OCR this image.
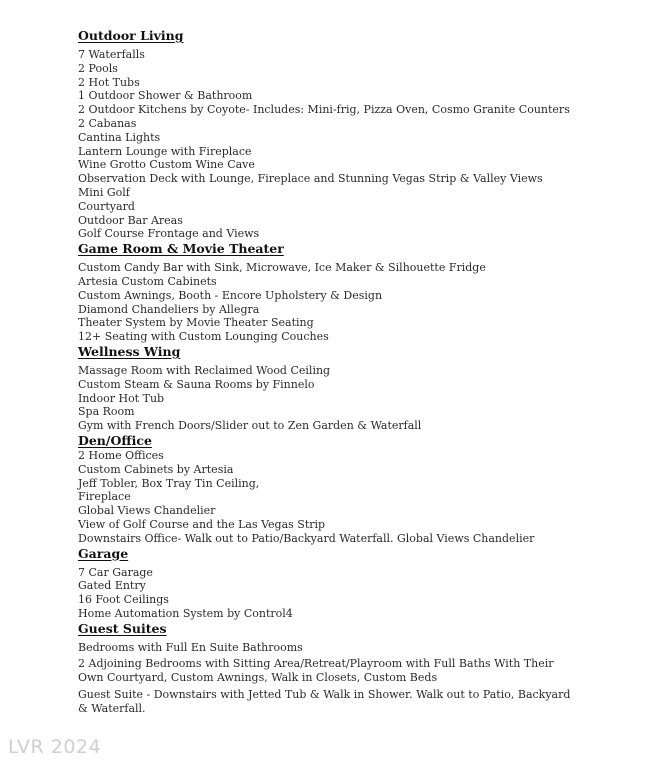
Outdoor Living
7 Waterfalls
2 Pools
2 Hot Tubs
1 Outdoor Shower & Bathroom
2 Outdoor Kitchens by Coyote- Includes: Mini-frig, Pizza Oven, Cosmo Granite Counters
2 Cabanas
Cantina Lights
Lantern Lounge with Fireplace
Wine Grotto Custom Wine Cave
Observation Deck with Lounge, Fireplace and Stunning Vegas Strip & Valley Views
Mini Golf
Courtyard
Outdoor Bar Areas
Golf Course Frontage and Views
Game Room & Movie Theater
Custom Candy Bar with Sink, Microwave, Ice Maker & Silhouette Fridge
Artesia Custom Cabinets
Custom Awnings, Booth - Encore Upholstery & Design
Diamond Chandeliers by Allegra
Theater System by Movie Theater Seating
12+ Seating with Custom Lounging Couches
Wellness Wing
Massage Room with Reclaimed Wood Ceiling
Custom Steam & Sauna Rooms by Finnelo
Indoor Hot Tub
Spa Room
Gym with French Doors/Slider out to Zen Garden & Waterfall
Den/Office
2 Home Offices
Custom Cabinets by Artesia
Jeff Tobler, Box Tray Tin Ceiling,
Fireplace
Global Views Chandelier
View of Golf Course and the Las Vegas Strip
Downstairs Office- Walk out to Patio/Backyard Waterfall. Global Views Chandelier
Garage
7 Car Garage
Gated Entry
16 Foot Ceilings
Home Automation System by Control4
Guest Suites
Bedrooms with Full En Suite Bathrooms
2 Adjoining Bedrooms with Sitting Area/Retreat/Playroom with Full Baths With Their Own Courtyard, Custom Awnings, Walk in Closets, Custom Beds
Guest Suite - Downstairs with Jetted Tub & Walk in Shower. Walk out to Patio, Backyard & Waterfall.
LVR 2024
